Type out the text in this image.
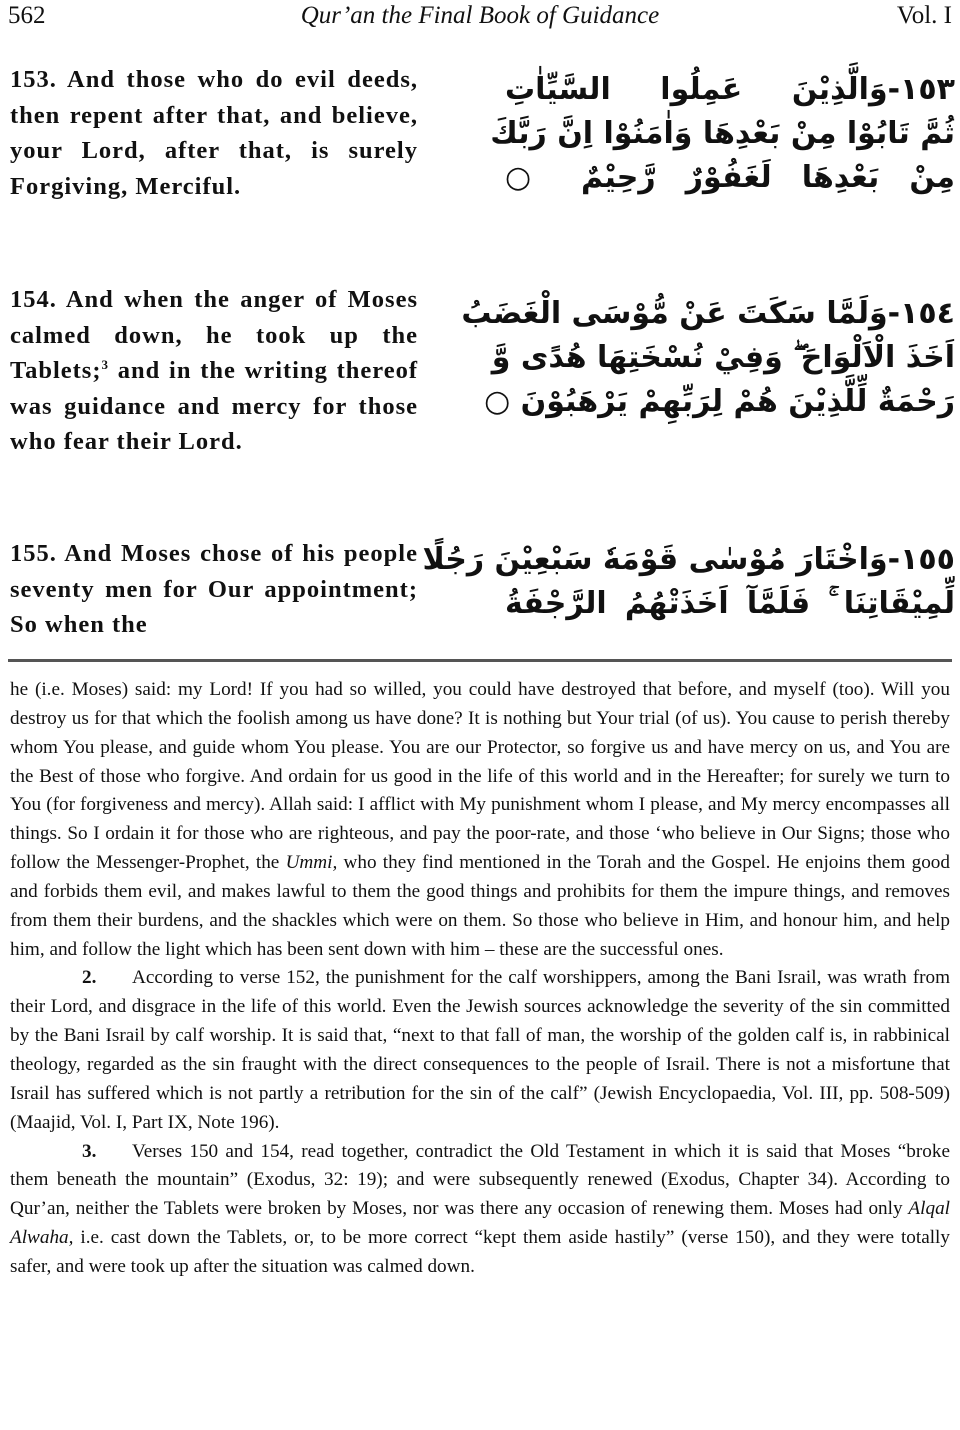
562	Qur’an the Final Book of Guidance	Vol. I
153. And those who do evil deeds, then repent after that, and believe, your Lord, after that, is surely Forgiving, Merciful.
١٥٣-وَالَّذِيْنَ عَمِلُوا السَّيِّاٰتِ
ثُمَّ تَابُوْا مِنْ بَعْدِهَا وَاٰمَنُوْا اِنَّ رَبَّكَ
مِنْ بَعْدِهَا لَغَفُوْرٌ رَّحِيْمٌ ○
154. And when the anger of Moses calmed down, he took up the Tablets;$^3$ and in the writing thereof was guidance and mercy for those who fear their Lord.
١٥٤-وَلَمَّا سَكَتَ عَنْ مُّوْسَى الْغَضَبُ
اَخَذَ الْاَلْوَاحَ ۖ وَفِيْ نُسْخَتِهَا هُدًى وَّ
رَحْمَةٌ لِّلَّذِيْنَ هُمْ لِرَبِّهِمْ يَرْهَبُوْنَ ○
155. And Moses chose of his people seventy men for Our appointment; So when the
١٥٥-وَاخْتَارَ مُوْسٰى قَوْمَهٗ سَبْعِيْنَ رَجُلًا
لِّمِيْقَاتِنَا ۚ فَلَمَّآ اَخَذَتْهُمُ الرَّجْفَةُ

he (i.e. Moses) said: my Lord! If you had so willed, you could have destroyed that before, and myself (too). Will you destroy us for that which the foolish among us have done? It is nothing but Your trial (of us). You cause to perish thereby whom You please, and guide whom You please. You are our Protector, so forgive us and have mercy on us, and You are the Best of those who forgive. And ordain for us good in the life of this world and in the Hereafter; for surely we turn to You (for forgiveness and mercy). Allah said: I afflict with My punishment whom I please, and My mercy encompasses all things. So I ordain it for those who are righteous, and pay the poor-rate, and those ‘who believe in Our Signs; those who follow the Messenger-Prophet, the Ummi, who they find mentioned in the Torah and the Gospel. He enjoins them good and forbids them evil, and makes lawful to them the good things and prohibits for them the impure things, and removes from them their burdens, and the shackles which were on them. So those who believe in Him, and honour him, and help him, and follow the light which has been sent down with him – these are the successful ones.

2. According to verse 152, the punishment for the calf worshippers, among the Bani Israil, was wrath from their Lord, and disgrace in the life of this world. Even the Jewish sources acknowledge the severity of the sin committed by the Bani Israil by calf worship. It is said that, “next to that fall of man, the worship of the golden calf is, in rabbinical theology, regarded as the sin fraught with the direct consequences to the people of Israil. There is not a misfortune that Israil has suffered which is not partly a retribution for the sin of the calf” (Jewish Encyclopaedia, Vol. III, pp. 508-509) (Maajid, Vol. I, Part IX, Note 196).

3. Verses 150 and 154, read together, contradict the Old Testament in which it is said that Moses “broke them beneath the mountain” (Exodus, 32: 19); and were subsequently renewed (Exodus, Chapter 34). According to Qur’an, neither the Tablets were broken by Moses, nor was there any occasion of renewing them. Moses had only Alqal Alwaha, i.e. cast down the Tablets, or, to be more correct “kept them aside hastily” (verse 150), and they were totally safer, and were took up after the situation was calmed down.
